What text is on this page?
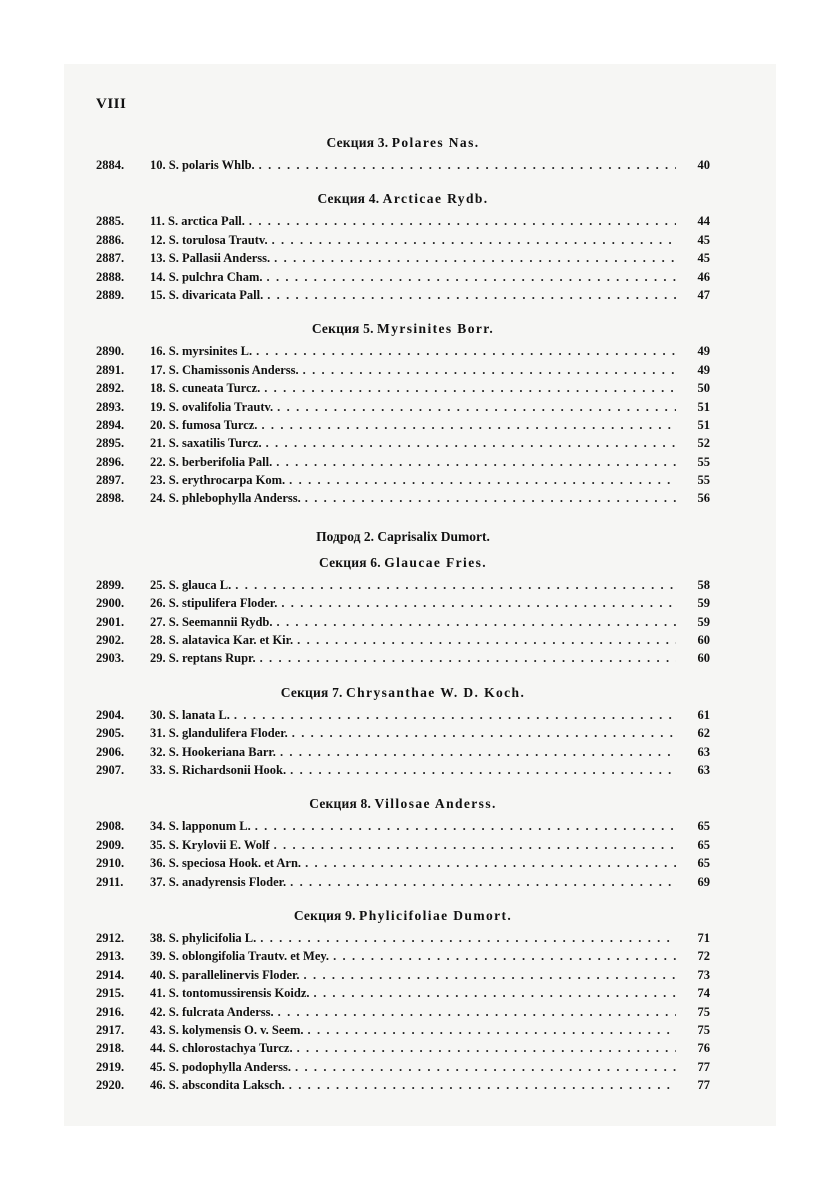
VIII
Секция 3. Polares Nas.
2884.	10. S. polaris Whlb. . . .	40
Секция 4. Arcticae Rydb.
2885.	11. S. arctica Pall. . . .	44
2886.	12. S. torulosa Trautv. . . .	45
2887.	13. S. Pallasii Anderss. . . .	45
2888.	14. S. pulchra Cham. . . .	46
2889.	15. S. divaricata Pall. . . .	47
Секция 5. Myrsinites Borr.
2890.	16. S. myrsinites L. . . .	49
2891.	17. S. Chamissonis Anderss. . . .	49
2892.	18. S. cuneata Turcz. . . .	50
2893.	19. S. ovalifolia Trautv. . . .	51
2894.	20. S. fumosa Turcz. . . .	51
2895.	21. S. saxatilis Turcz. . . .	52
2896.	22. S. berberifolia Pall. . . .	55
2897.	23. S. erythrocarpa Kom. . . .	55
2898.	24. S. phlebophylla Anderss. . . .	56
Подрод 2. Caprisalix Dumort.
Секция 6. Glaucae Fries.
2899.	25. S. glauca L. . . .	58
2900.	26. S. stipulifera Floder. . . .	59
2901.	27. S. Seemannii Rydb. . . .	59
2902.	28. S. alatavica Kar. et Kir. . . .	60
2903.	29. S. reptans Rupr. . . .	60
Секция 7. Chrysanthae W. D. Koch.
2904.	30. S. lanata L. . . .	61
2905.	31. S. glandulifera Floder. . . .	62
2906.	32. S. Hookeriana Barr. . . .	63
2907.	33. S. Richardsonii Hook. . . .	63
Секция 8. Villosae Anderss.
2908.	34. S. lapponum L. . . .	65
2909.	35. S. Krylovii E. Wolf . . .	65
2910.	36. S. speciosa Hook. et Arn. . . .	65
2911.	37. S. anadyrensis Floder. . . .	69
Секция 9. Phylicifoliae Dumort.
2912.	38. S. phylicifolia L. . . .	71
2913.	39. S. oblongifolia Trautv. et Mey. . . .	72
2914.	40. S. parallelinervis Floder. . . .	73
2915.	41. S. tontomussirensis Koidz. . . .	74
2916.	42. S. fulcrata Anderss. . . .	75
2917.	43. S. kolymensis O. v. Seem. . . .	75
2918.	44. S. chlorostachya Turcz. . . .	76
2919.	45. S. podophylla Anderss. . . .	77
2920.	46. S. abscondita Laksch. . . .	77
